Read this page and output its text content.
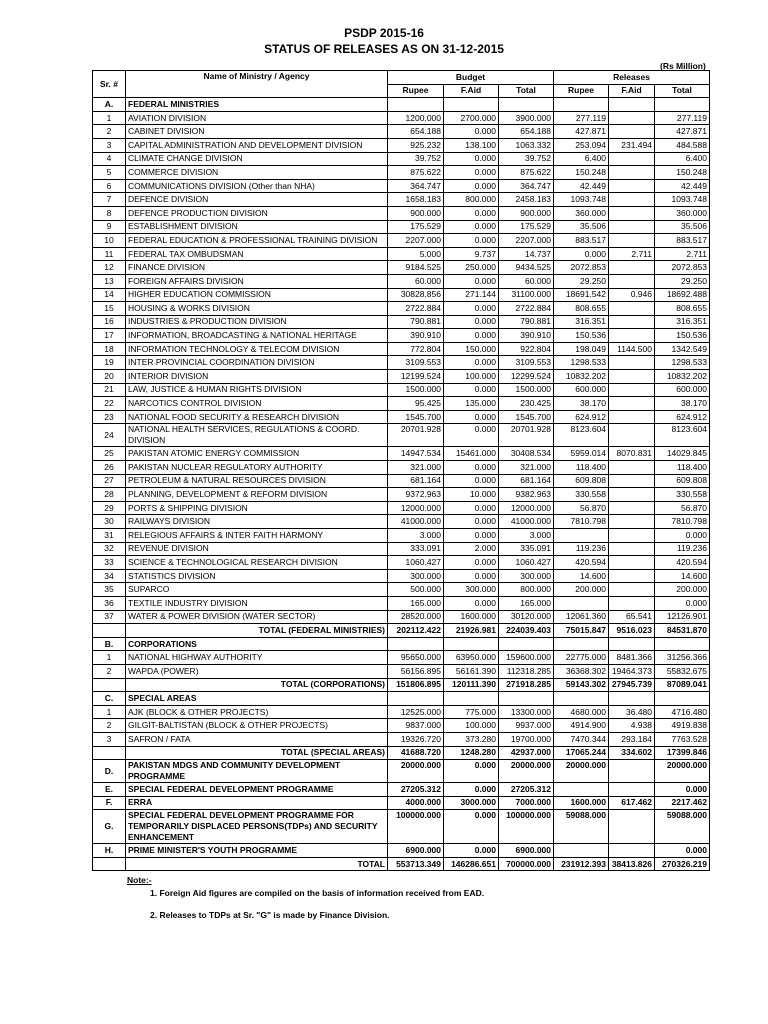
PSDP 2015-16
STATUS OF RELEASES AS ON 31-12-2015
(Rs Million)
Sr. #	Name of Ministry / Agency	Budget			Releases		
		Rupee	F.Aid	Total	Rupee	F.Aid	Total
A.	FEDERAL MINISTRIES						
1	AVIATION DIVISION	1200.000	2700.000	3900.000	277.119		277.119
2	CABINET DIVISION	654.188	0.000	654.188	427.871		427.871
3	CAPITAL ADMINISTRATION AND DEVELOPMENT DIVISION	925.232	138.100	1063.332	253.094	231.494	484.588
4	CLIMATE CHANGE DIVISION	39.752	0.000	39.752	6.400		6.400
5	COMMERCE DIVISION	875.622	0.000	875.622	150.248		150.248
6	COMMUNICATIONS DIVISION (Other than NHA)	364.747	0.000	364.747	42.449		42.449
7	DEFENCE DIVISION	1658.183	800.000	2458.183	1093.748		1093.748
8	DEFENCE PRODUCTION DIVISION	900.000	0.000	900.000	360.000		360.000
9	ESTABLISHMENT DIVISION	175.529	0.000	175.529	35.506		35.506
10	FEDERAL EDUCATION & PROFESSIONAL TRAINING DIVISION	2207.000	0.000	2207.000	883.517		883.517
11	FEDERAL TAX OMBUDSMAN	5.000	9.737	14.737	0.000	2.711	2.711
12	FINANCE DIVISION	9184.525	250.000	9434.525	2072.853		2072.853
13	FOREIGN AFFAIRS DIVISION	60.000	0.000	60.000	29.250		29.250
14	HIGHER EDUCATION COMMISSION	30828.856	271.144	31100.000	18691.542	0.946	18692.488
15	HOUSING & WORKS DIVISION	2722.884	0.000	2722.884	808.655		808.655
16	INDUSTRIES & PRODUCTION DIVISION	790.881	0.000	790.881	316.351		316.351
17	INFORMATION, BROADCASTING & NATIONAL HERITAGE	390.910	0.000	390.910	150.536		150.536
18	INFORMATION TECHNOLOGY & TELECOM DIVISION	772.804	150.000	922.804	198.049	1144.500	1342.549
19	INTER PROVINCIAL COORDINATION DIVISION	3109.553	0.000	3109.553	1298.533		1298.533
20	INTERIOR DIVISION	12199.524	100.000	12299.524	10832.202		10832.202
21	LAW, JUSTICE & HUMAN RIGHTS DIVISION	1500.000	0.000	1500.000	600.000		600.000
22	NARCOTICS CONTROL DIVISION	95.425	135.000	230.425	38.170		38.170
23	NATIONAL FOOD SECURITY & RESEARCH DIVISION	1545.700	0.000	1545.700	624.912		624.912
24	NATIONAL HEALTH SERVICES, REGULATIONS & COORD. DIVISION	20701.928	0.000	20701.928	8123.604		8123.604
25	PAKISTAN ATOMIC ENERGY COMMISSION	14947.534	15461.000	30408.534	5959.014	8070.831	14029.845
26	PAKISTAN NUCLEAR REGULATORY AUTHORITY	321.000	0.000	321.000	118.400		118.400
27	PETROLEUM & NATURAL RESOURCES DIVISION	681.164	0.000	681.164	609.808		609.808
28	PLANNING, DEVELOPMENT & REFORM DIVISION	9372.963	10.000	9382.963	330.558		330.558
29	PORTS & SHIPPING DIVISION	12000.000	0.000	12000.000	56.870		56.870
30	RAILWAYS DIVISION	41000.000	0.000	41000.000	7810.798		7810.798
31	RELEGIOUS AFFAIRS & INTER FAITH HARMONY	3.000	0.000	3.000			0.000
32	REVENUE DIVISION	333.091	2.000	335.091	119.236		119.236
33	SCIENCE & TECHNOLOGICAL RESEARCH DIVISION	1060.427	0.000	1060.427	420.594		420.594
34	STATISTICS DIVISION	300.000	0.000	300.000	14.600		14.600
35	SUPARCO	500.000	300.000	800.000	200.000		200.000
36	TEXTILE INDUSTRY DIVISION	165.000	0.000	165.000			0.000
37	WATER & POWER DIVISION (WATER SECTOR)	28520.000	1600.000	30120.000	12061.360	65.541	12126.901
	TOTAL (FEDERAL MINISTRIES)	202112.422	21926.981	224039.403	75015.847	9516.023	84531.870
B.	CORPORATIONS						
1	NATIONAL HIGHWAY AUTHORITY	95650.000	63950.000	159600.000	22775.000	8481.366	31256.366
2	WAPDA (POWER)	56156.895	56161.390	112318.285	36368.302	19464.373	55832.675
	TOTAL (CORPORATIONS)	151806.895	120111.390	271918.285	59143.302	27945.739	87089.041
C.	SPECIAL AREAS						
1	AJK (BLOCK & OTHER PROJECTS)	12525.000	775.000	13300.000	4680.000	36.480	4716.480
2	GILGIT-BALTISTAN (BLOCK & OTHER PROJECTS)	9837.000	100.000	9937.000	4914.900	4.938	4919.838
3	SAFRON / FATA	19326.720	373.280	19700.000	7470.344	293.184	7763.528
	TOTAL (SPECIAL AREAS)	41688.720	1248.280	42937.000	17065.244	334.602	17399.846
D.	PAKISTAN MDGS AND COMMUNITY DEVELOPMENT PROGRAMME	20000.000	0.000	20000.000	20000.000		20000.000
E.	SPECIAL FEDERAL DEVELOPMENT PROGRAMME	27205.312	0.000	27205.312			0.000
F.	ERRA	4000.000	3000.000	7000.000	1600.000	617.462	2217.462
G.	SPECIAL FEDERAL DEVELOPMENT PROGRAMME FOR TEMPORARILY DISPLACED PERSONS(TDPs) AND SECURITY ENHANCEMENT	100000.000	0.000	100000.000	59088.000		59088.000
H.	PRIME MINISTER'S YOUTH PROGRAMME	6900.000	0.000	6900.000			0.000
	TOTAL	553713.349	146286.651	700000.000	231912.393	38413.826	270326.219
Note:-
1. Foreign Aid figures are compiled on the basis of information received from EAD.
2. Releases to TDPs at Sr. "G" is made by Finance Division.
